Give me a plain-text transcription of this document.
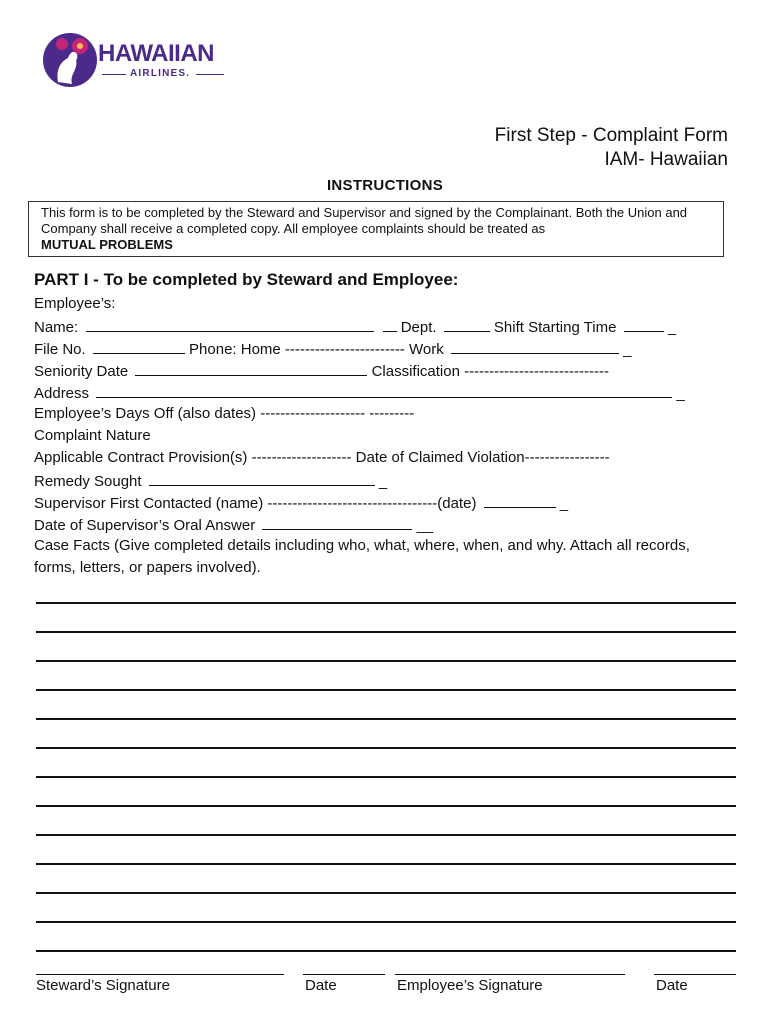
HAWAIIAN
AIRLINES.
First Step - Complaint Form
IAM- Hawaiian
INSTRUCTIONS
This form is to be completed by the Steward and Supervisor and signed by the Complainant. Both the Union and Company shall receive a completed copy. All employee complaints should be treated as
MUTUAL PROBLEMS
PART I - To be completed by Steward and Employee:
Employee’s:
Name:	Dept.	Shift Starting Time	_
File No.	Phone: Home ------------------------ Work	_
Seniority Date	Classification -----------------------------
Address	_
Employee’s Days Off (also dates) --------------------- ---------
Complaint Nature
Applicable Contract Provision(s) -------------------- Date of Claimed Violation-----------------
Remedy Sought	_
Supervisor First Contacted (name) ----------------------------------(date)	_
Date of Supervisor’s Oral Answer	__
Case Facts (Give completed details including who, what, where, when, and why. Attach all records, forms, letters, or papers involved).
Steward’s Signature	Date	Employee’s Signature	Date
